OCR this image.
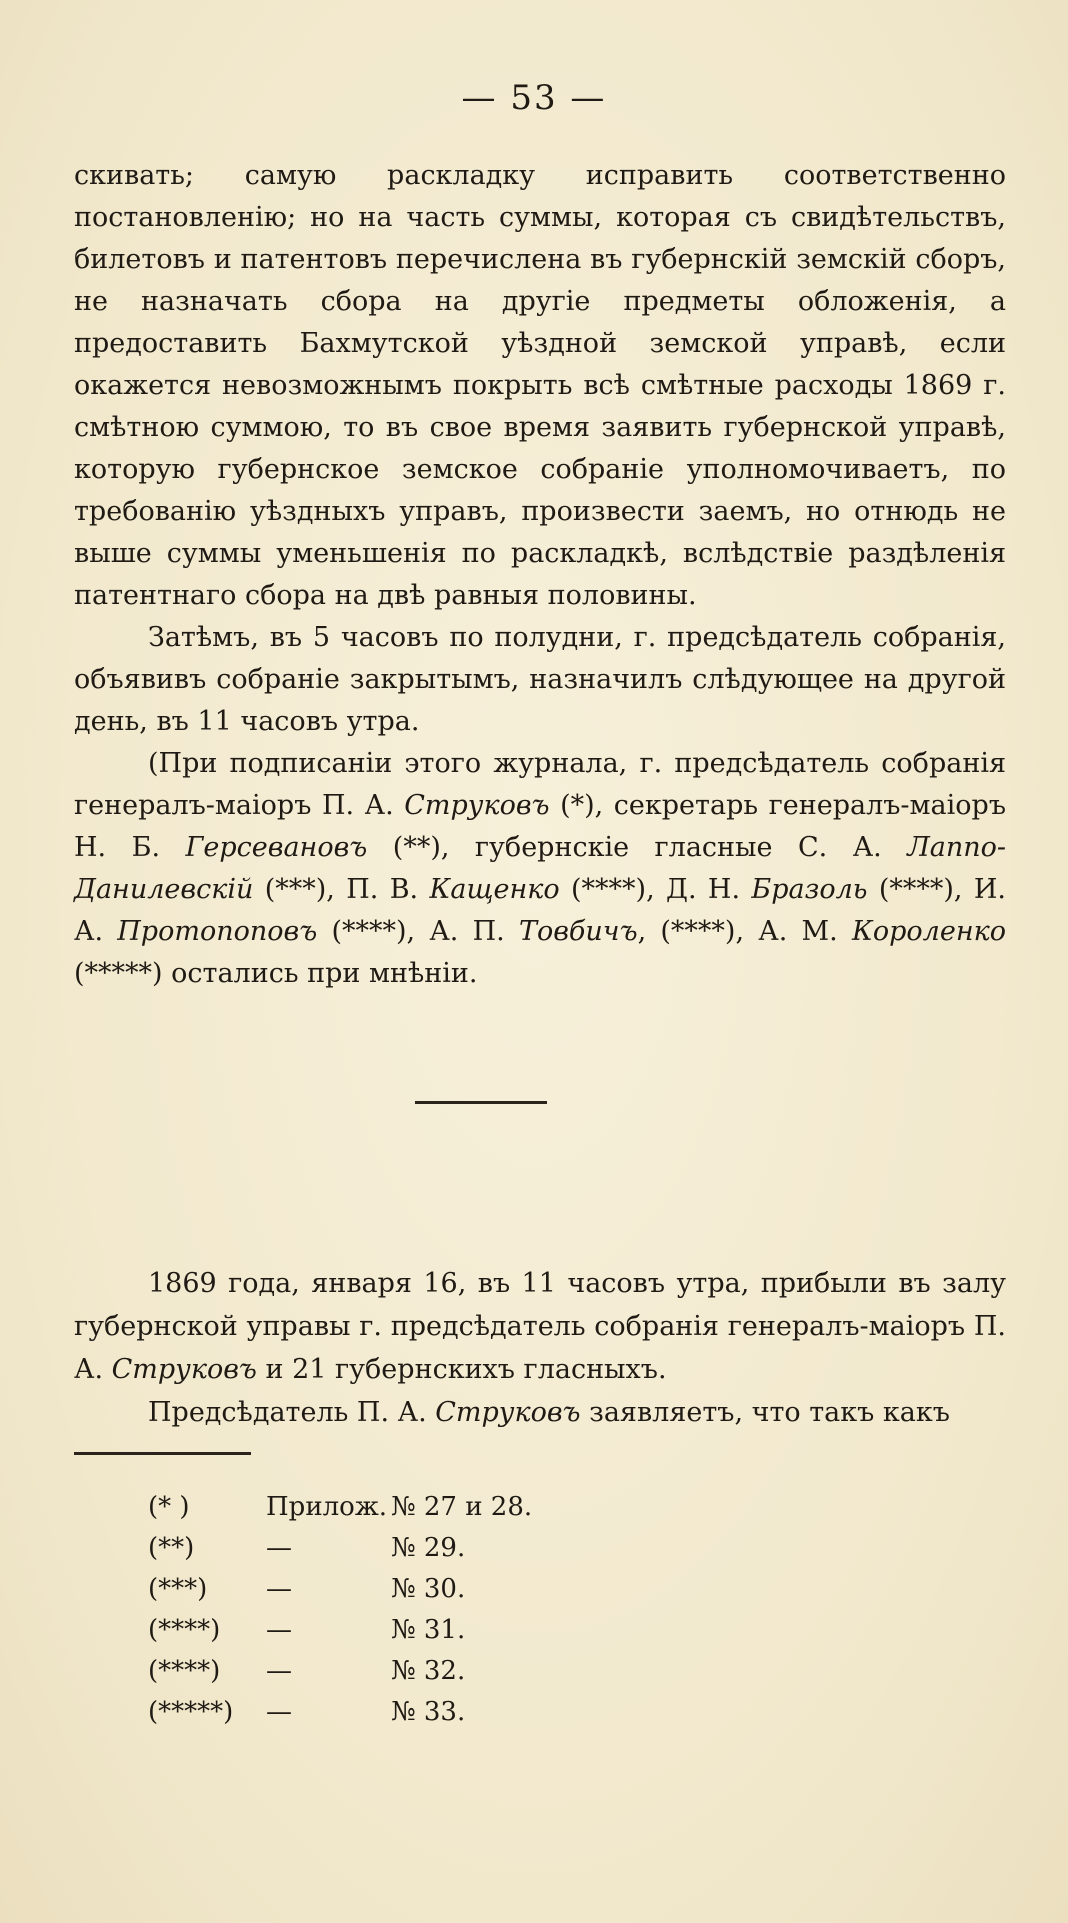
— 53 —

скивать; самую раскладку исправить соответственно постановленію; но на часть суммы, которая съ свидѣтельствъ, билетовъ и патентовъ перечислена въ губернскій земскій сборъ, не назначать сбора на другіе предметы обложенія, а предоставить Бахмутской уѣздной земской управѣ, если окажется невозможнымъ покрыть всѣ смѣтные расходы 1869 г. смѣтною суммою, то въ свое время заявить губернской управѣ, которую губернское земское собраніе уполномочиваетъ, по требованію уѣздныхъ управъ, произвести заемъ, но отнюдь не выше суммы уменьшенія по раскладкѣ, вслѣдствіе раздѣленія патентнаго сбора на двѣ равныя половины.

Затѣмъ, въ 5 часовъ по полудни, г. предсѣдатель собранія, объявивъ собраніе закрытымъ, назначилъ слѣдующее на другой день, въ 11 часовъ утра.

(При подписаніи этого журнала, г. предсѣдатель собранія генералъ-маіоръ П. А. Струковъ (*), секретарь генералъ-маіоръ Н. Б. Герсевановъ (**), губернскіе гласные С. А. Лаппо-Данилевскій (***), П. В. Кащенко (****), Д. Н. Бразоль (****), И. А. Протопоповъ (****), А. П. Товбичъ, (****), А. М. Короленко (*****) остались при мнѣніи.

1869 года, января 16, въ 11 часовъ утра, прибыли въ залу губернской управы г. предсѣдатель собранія генералъ-маіоръ П. А. Струковъ и 21 губернскихъ гласныхъ.

Предсѣдатель П. А. Струковъ заявляетъ, что такъ какъ

(* )	Прилож. № 27 и 28.
(**)	—	№ 29.
(***)	—	№ 30.
(****)	—	№ 31.
(****)	—	№ 32.
(*****)	—	№ 33.
